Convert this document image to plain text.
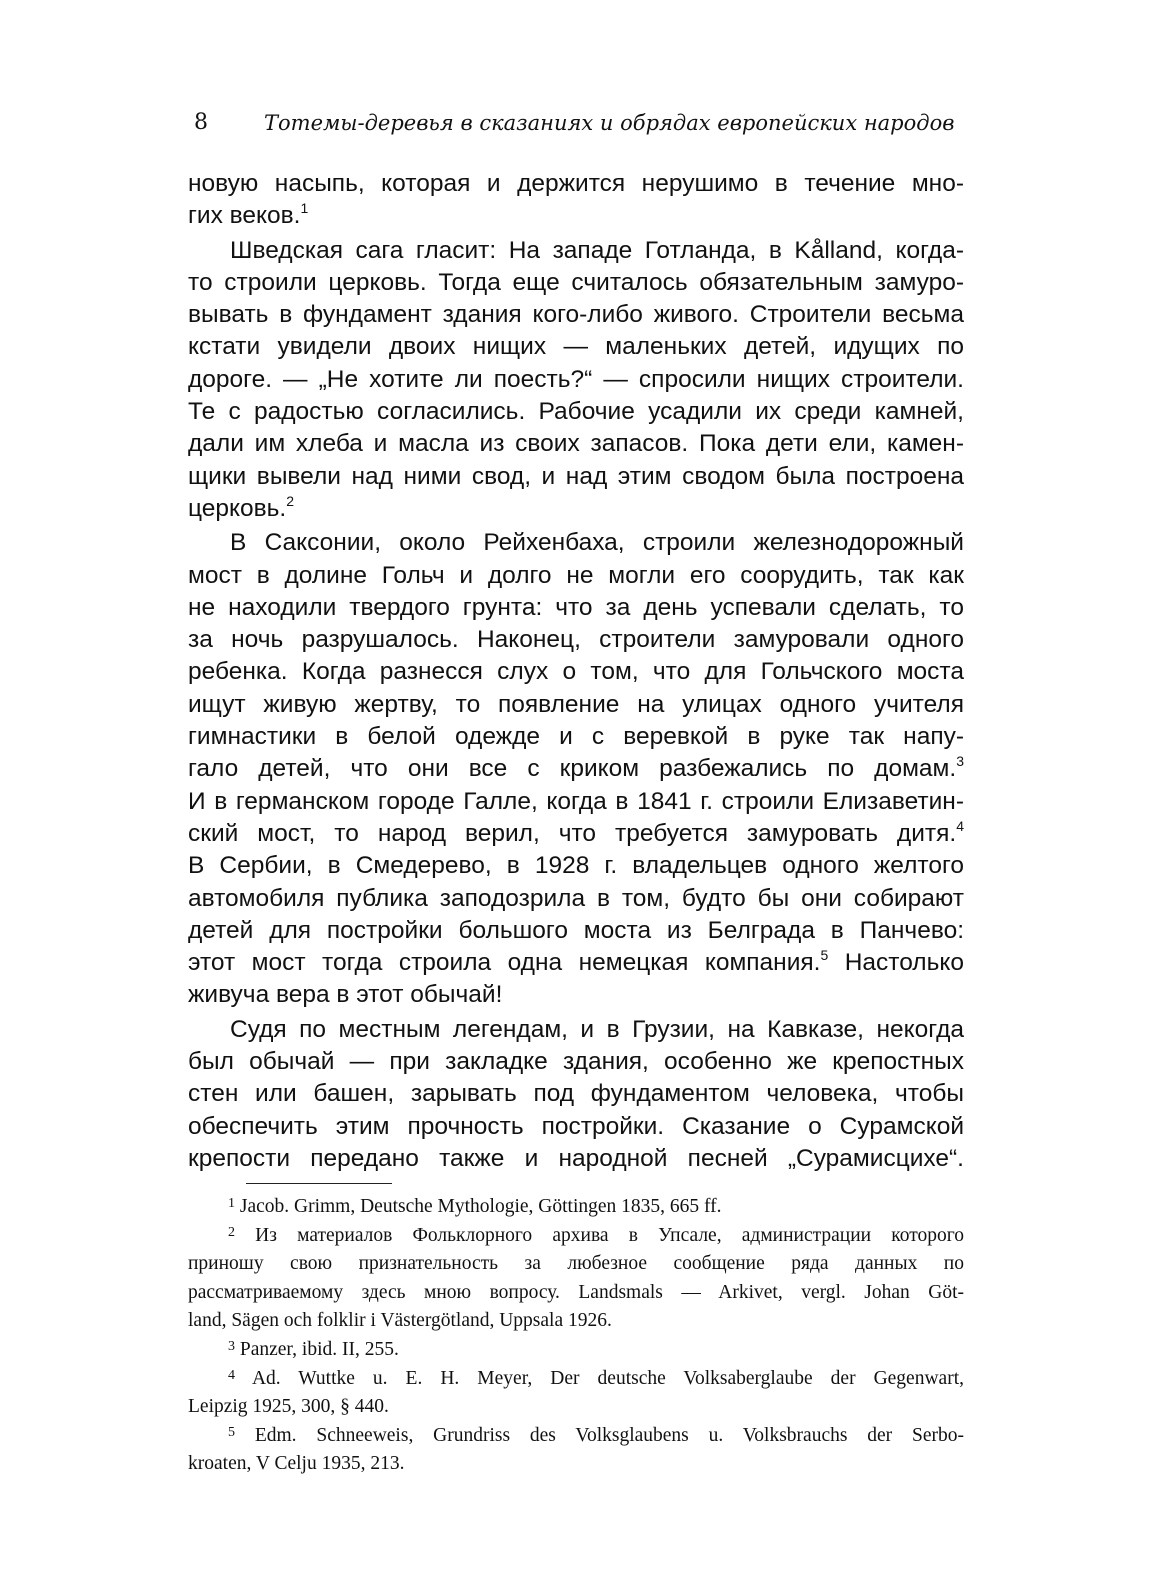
8	Тотемы-деревья в сказаниях и обрядах европейских народов
новую насыпь, которая и держится нерушимо в течение мно-
гих веков.$^1$
Шведская сага гласит: На западе Готланда, в Kålland, когда-
то строили церковь. Тогда еще считалось обязательным замуро-
вывать в фундамент здания кого-либо живого. Строители весьма
кстати увидели двоих нищих — маленьких детей, идущих по
дороге. — „Не хотите ли поесть?“ — спросили нищих строители.
Те с радостью согласились. Рабочие усадили их среди камней,
дали им хлеба и масла из своих запасов. Пока дети ели, камен-
щики вывели над ними свод, и над этим сводом была построена
церковь.$^2$
В Саксонии, около Рейхенбаха, строили железнодорожный
мост в долине Гольч и долго не могли его соорудить, так как
не находили твердого грунта: что за день успевали сделать, то
за ночь разрушалось. Наконец, строители замуровали одного
ребенка. Когда разнесся слух о том, что для Гольчского моста
ищут живую жертву, то появление на улицах одного учителя
гимнастики в белой одежде и с веревкой в руке так напу-
гало детей, что они все с криком разбежались по домам.$^3$
И в германском городе Галле, когда в 1841 г. строили Елизаветин-
ский мост, то народ верил, что требуется замуровать дитя.$^4$
В Сербии, в Смедерево, в 1928 г. владельцев одного желтого
автомобиля публика заподозрила в том, будто бы они собирают
детей для постройки большого моста из Белграда в Панчево:
этот мост тогда строила одна немецкая компания.$^5$ Настолько
живуча вера в этот обычай!
Судя по местным легендам, и в Грузии, на Кавказе, некогда
был обычай — при закладке здания, особенно же крепостных
стен или башен, зарывать под фундаментом человека, чтобы
обеспечить этим прочность постройки. Сказание о Сурамской
крепости передано также и народной песней „Сурамисцихе“.
$^1$ Jacob. Grimm, Deutsche Mythologie, Göttingen 1835, 665 ff.
$^2$ Из материалов Фольклорного архива в Упсале, администрации которого
приношу свою признательность за любезное сообщение ряда данных по
рассматриваемому здесь мною вопросу. Landsmals — Arkivet, vergl. Johan Göt-
land, Sägen och folklir i Västergötland, Uppsala 1926.
$^3$ Panzer, ibid. II, 255.
$^4$ Ad. Wuttke u. E. H. Meyer, Der deutsche Volksaberglaube der Gegenwart,
Leipzig 1925, 300, § 440.
$^5$ Edm. Schneeweis, Grundriss des Volksglaubens u. Volksbrauchs der Serbo-
kroaten, V Celju 1935, 213.
